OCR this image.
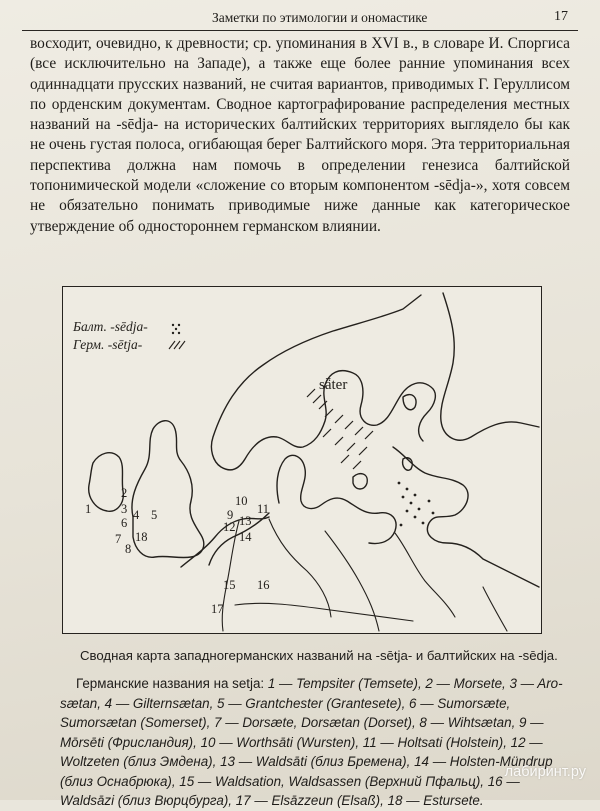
Заметки по этимологии и ономастике	17

восходит, очевидно, к древности; ср. упоминания в XVI в., в словаре И. Споргиса (все исключительно на Западе), а также еще более ранние упоминания всех одиннадцати прусских названий, не считая вариантов, приводимых Г. Геруллисом по орденским документам. Сводное картографирование распределения местных названий на -sēdja- на исторических балтийских территориях выглядело бы как не очень густая полоса, огибающая берег Балтийского моря. Эта территориальная перспектива должна нам помочь в определении генезиса балтийской топонимической модели «сложение со вторым компонентом -sēdja-», хотя совсем не обязательно понимать приводимые ниже данные как категорическое утверждение об одностороннем германском влиянии.

Балт. -sēdja-
Герм. -sētja-
sǟter
1
2
3 4 5
6
7
8
9
10
11
12 13
14
15 16
17
18
Сводная карта западногерманских названий на -sētja- и балтийских на -sēdja.

Германские названия на setja: 1 — Tempsiter (Temsete), 2 — Morsete, 3 — Arosætan, 4 — Gilternsætan, 5 — Grantchester (Grantesete), 6 — Sumorsæte, Sumorsætan (Somerset), 7 — Dorsæte, Dorsætan (Dorset), 8 — Wihtsætan, 9 — Mōrsēti (Фрисландия), 10 — Worthsāti (Wursten), 11 — Holtsati (Holstein), 12 — Woltzeten (близ Эмдена), 13 — Waldsāti (близ Бремена), 14 — Holsten-Mündrup (близ Оснабрюка), 15 — Waldsation, Waldsassen (Верхний Пфальц), 16 — Waldsāzi (близ Вюрцбурга), 17 — Elsāzzeun (Elsaß), 18 — Estursete.

лабиринт.ру
